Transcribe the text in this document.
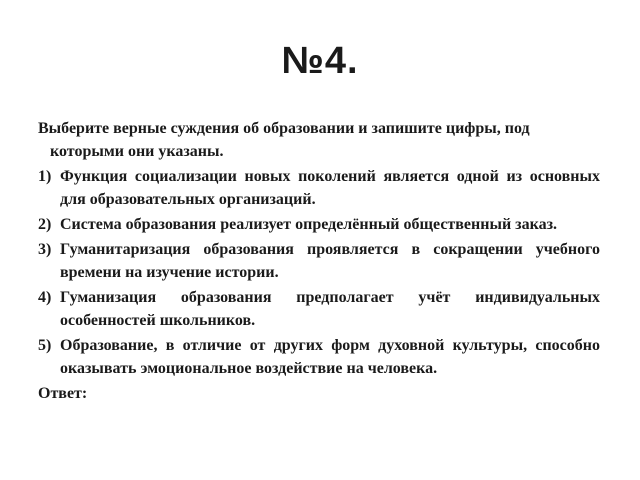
№4.

Выберите верные суждения об образовании и запишите цифры, под которыми они указаны.

1) Функция социализации новых поколений является одной из основных для образовательных организаций.
2) Система образования реализует определённый общественный заказ.
3) Гуманитаризация образования проявляется в сокращении учебного времени на изучение истории.
4) Гуманизация образования предполагает учёт индивидуальных особенностей школьников.
5) Образование, в отличие от других форм духовной культуры, способно оказывать эмоциональное воздействие на человека.

Ответ:
